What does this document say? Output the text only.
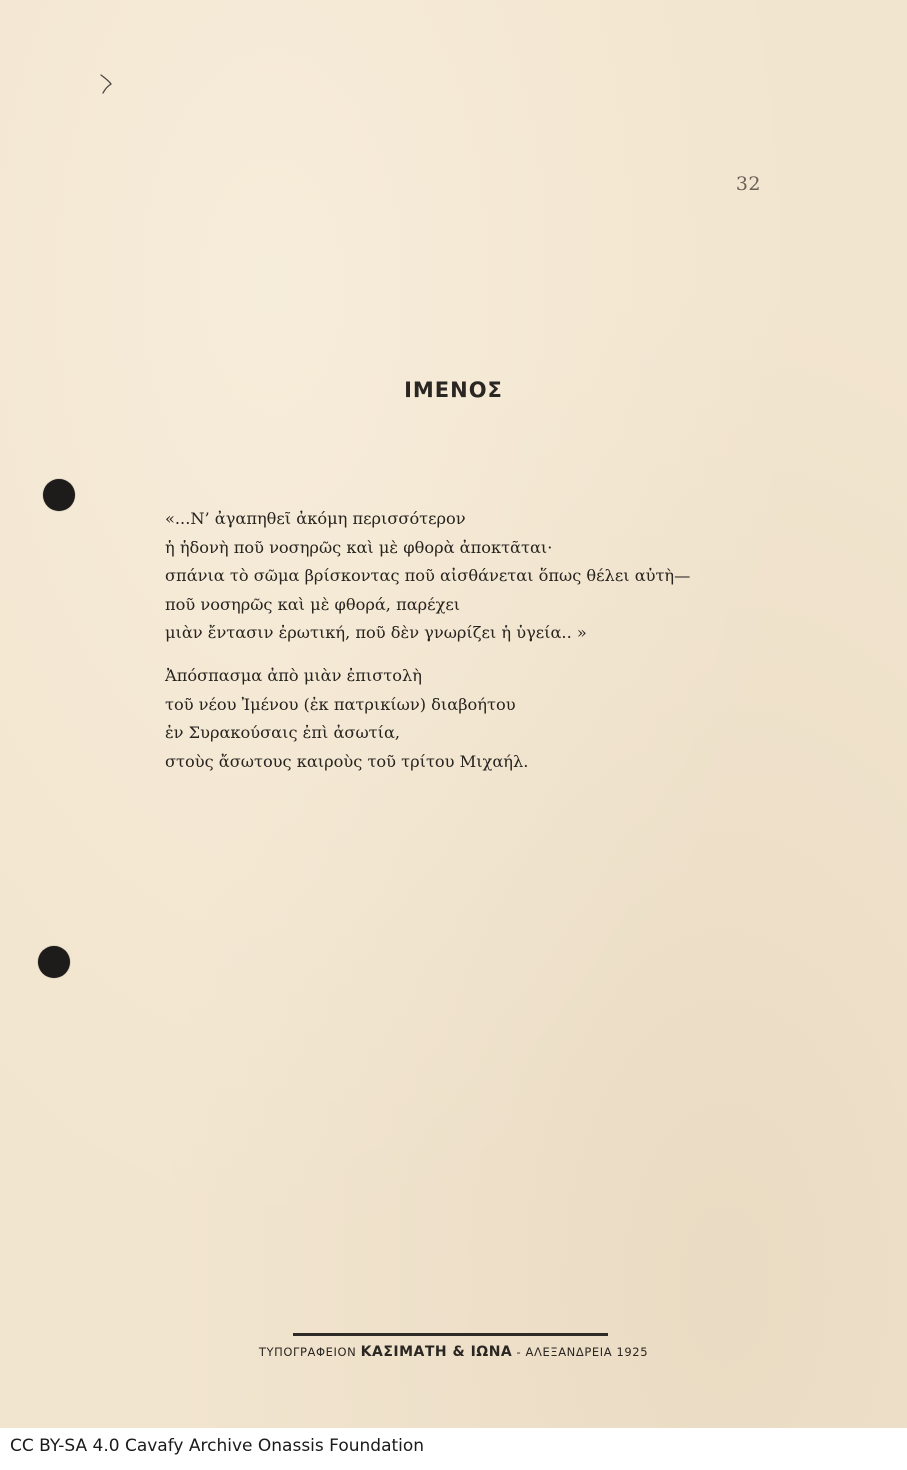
32
ΙΜΕΝΟΣ
«...Ν’ ἀγαπηθεῖ ἀκόμη περισσότερον
ἡ ἡδονὴ ποῦ νοσηρῶς καὶ μὲ φθορὰ ἀποκτᾶται·
σπάνια τὸ σῶμα βρίσκοντας ποῦ αἰσθάνεται ὅπως θέλει αὐτὴ—
ποῦ νοσηρῶς καὶ μὲ φθορά, παρέχει
μιὰν ἔντασιν ἐρωτική, ποῦ δὲν γνωρίζει ἡ ὑγεία.. »
Ἀπόσπασμα ἀπὸ μιὰν ἐπιστολὴ
τοῦ νέου Ἰμένου (ἐκ πατρικίων) διαβοήτου
ἐν Συρακούσαις ἐπὶ ἀσωτία,
στοὺς ἄσωτους καιροὺς τοῦ τρίτου Μιχαήλ.
ΤΥΠΟΓΡΑΦΕΙΟΝ ΚΑΣΙΜΑΤΗ & ΙΩΝΑ - ΑΛΕΞΑΝΔΡΕΙΑ 1925
CC BY-SA 4.0 Cavafy Archive Onassis Foundation
